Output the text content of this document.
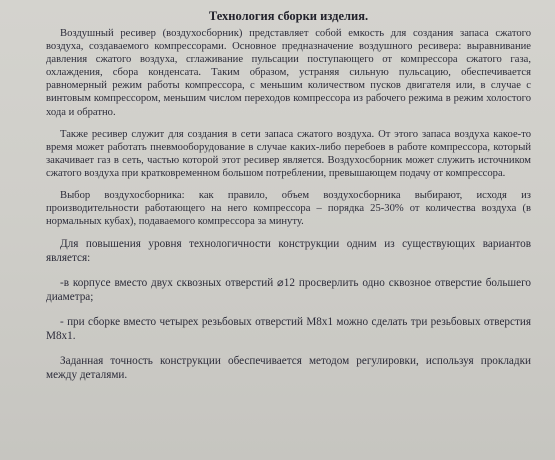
Технология сборки изделия.

Воздушный ресивер (воздухосборник) представляет собой емкость для создания запаса сжатого воздуха, создаваемого компрессорами. Основное предназначение воздушного ресивера: выравнивание давления сжатого воздуха, сглаживание пульсации поступающего от компрессора сжатого газа, охлаждения, сбора конденсата. Таким образом, устраняя сильную пульсацию, обеспечивается равномерный режим работы компрессора, с меньшим количеством пусков двигателя или, в случае с винтовым компрессором, меньшим числом переходов компрессора из рабочего режима в режим холостого хода и обратно.

Также ресивер служит для создания в сети запаса сжатого воздуха. От этого запаса воздуха какое-то время может работать пневмооборудование в случае каких-либо перебоев в работе компрессора, который закачивает газ в сеть, частью которой этот ресивер является. Воздухосборник может служить источником сжатого воздуха при кратковременном большом потреблении, превышающем подачу от компрессора.

Выбор воздухосборника: как правило, объем воздухосборника выбирают, исходя из производительности работающего на него компрессора – порядка 25-30% от количества воздуха (в нормальных кубах), подаваемого компрессора за минуту.

Для повышения уровня технологичности конструкции одним из существующих вариантов является:

-в корпусе вместо двух сквозных отверстий ⌀12 просверлить одно сквозное отверстие большего диаметра;

- при сборке вместо четырех резьбовых отверстий М8х1 можно сделать три резьбовых отверстия М8х1.

Заданная точность конструкции обеспечивается методом регулировки, используя прокладки между деталями.
